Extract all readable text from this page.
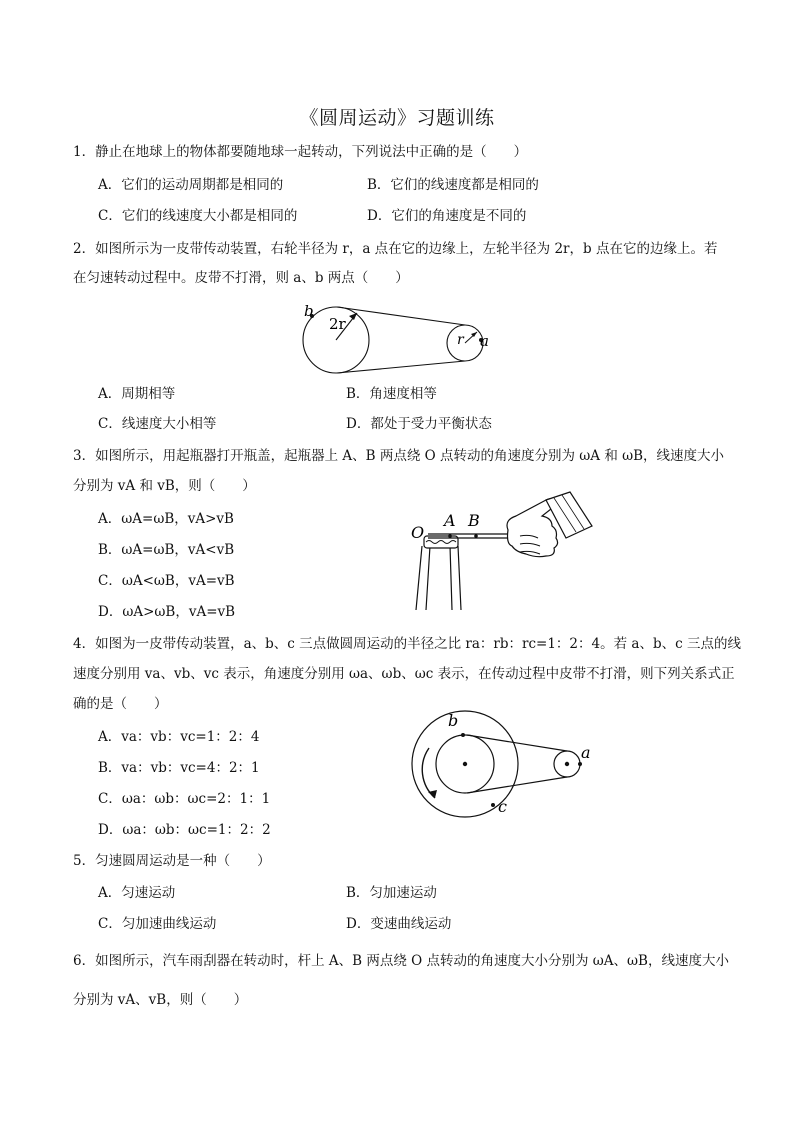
《圆周运动》习题训练
1．静止在地球上的物体都要随地球一起转动，下列说法中正确的是（　　）
A．它们的运动周期都是相同的	B．它们的线速度都是相同的
C．它们的线速度大小都是相同的	D．它们的角速度是不同的
2．如图所示为一皮带传动装置，右轮半径为 r，a 点在它的边缘上，左轮半径为 2r，b 点在它的边缘上。若
在匀速转动过程中。皮带不打滑，则 a、b 两点（　　）
b
2r
r a
A．周期相等	B．角速度相等
C．线速度大小相等	D．都处于受力平衡状态
3．如图所示，用起瓶器打开瓶盖，起瓶器上 A、B 两点绕 O 点转动的角速度分别为 ωA 和 ωB，线速度大小
分别为 vA 和 vB，则（　　）
A．ωA=ωB，vA>vB
B．ωA=ωB，vA<vB
C．ωA<ωB，vA=vB
D．ωA>ωB，vA=vB
O
A B
4．如图为一皮带传动装置，a、b、c 三点做圆周运动的半径之比 ra：rb：rc=1：2：4。若 a、b、c 三点的线
速度分别用 va、vb、vc 表示，角速度分别用 ωa、ωb、ωc 表示，在传动过程中皮带不打滑，则下列关系式正
确的是（　　）
A．va：vb：vc=1：2：4
B．va：vb：vc=4：2：1
C．ωa：ωb：ωc=2：1：1
D．ωa：ωb：ωc=1：2：2
b
a
c
5．匀速圆周运动是一种（　　）
A．匀速运动	B．匀加速运动
C．匀加速曲线运动	D．变速曲线运动
6．如图所示，汽车雨刮器在转动时，杆上 A、B 两点绕 O 点转动的角速度大小分别为 ωA、ωB，线速度大小
分别为 vA、vB，则（　　）
